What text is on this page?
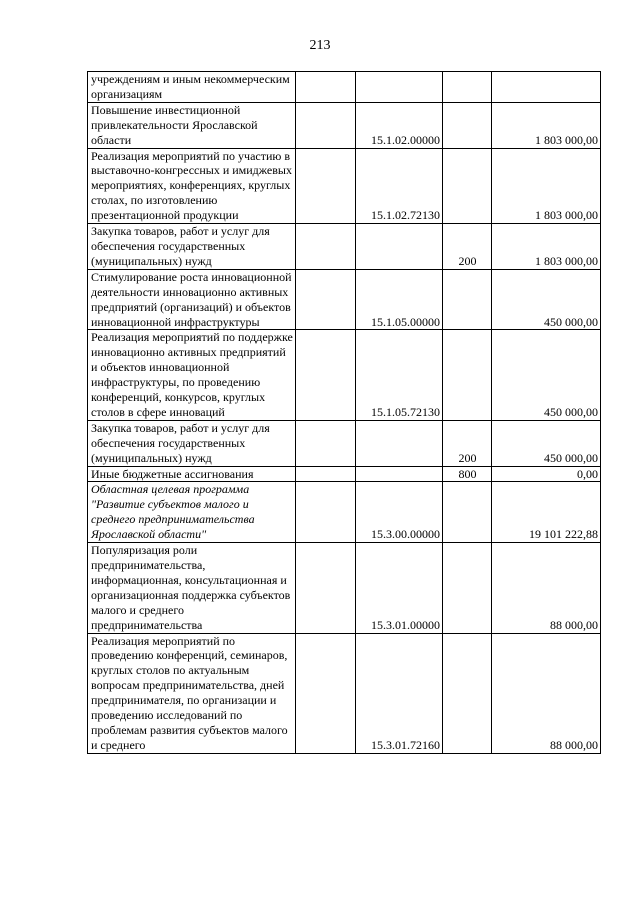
213
учреждениям и иным некоммерческим организациям				
Повышение инвестиционной привлекательности Ярославской области		15.1.02.00000		1 803 000,00
Реализация мероприятий по участию в выставочно-конгрессных и имиджевых мероприятиях, конференциях, круглых столах, по изготовлению презентационной продукции		15.1.02.72130		1 803 000,00
Закупка товаров, работ и услуг для обеспечения государственных (муниципальных) нужд			200	1 803 000,00
Стимулирование роста инновационной деятельности инновационно активных предприятий (организаций) и объектов инновационной инфраструктуры		15.1.05.00000		450 000,00
Реализация мероприятий по поддержке инновационно активных предприятий и объектов инновационной инфраструктуры, по проведению конференций, конкурсов, круглых столов в сфере инноваций		15.1.05.72130		450 000,00
Закупка товаров, работ и услуг для обеспечения государственных (муниципальных) нужд			200	450 000,00
Иные бюджетные ассигнования			800	0,00
Областная целевая программа "Развитие субъектов малого и среднего предпринимательства Ярославской области"		15.3.00.00000		19 101 222,88
Популяризация роли предпринимательства, информационная, консультационная и организационная поддержка субъектов малого и среднего предпринимательства		15.3.01.00000		88 000,00
Реализация мероприятий по проведению конференций, семинаров, круглых столов по актуальным вопросам предпринимательства, дней предпринимателя, по организации и проведению исследований по проблемам развития субъектов малого и среднего		15.3.01.72160		88 000,00
